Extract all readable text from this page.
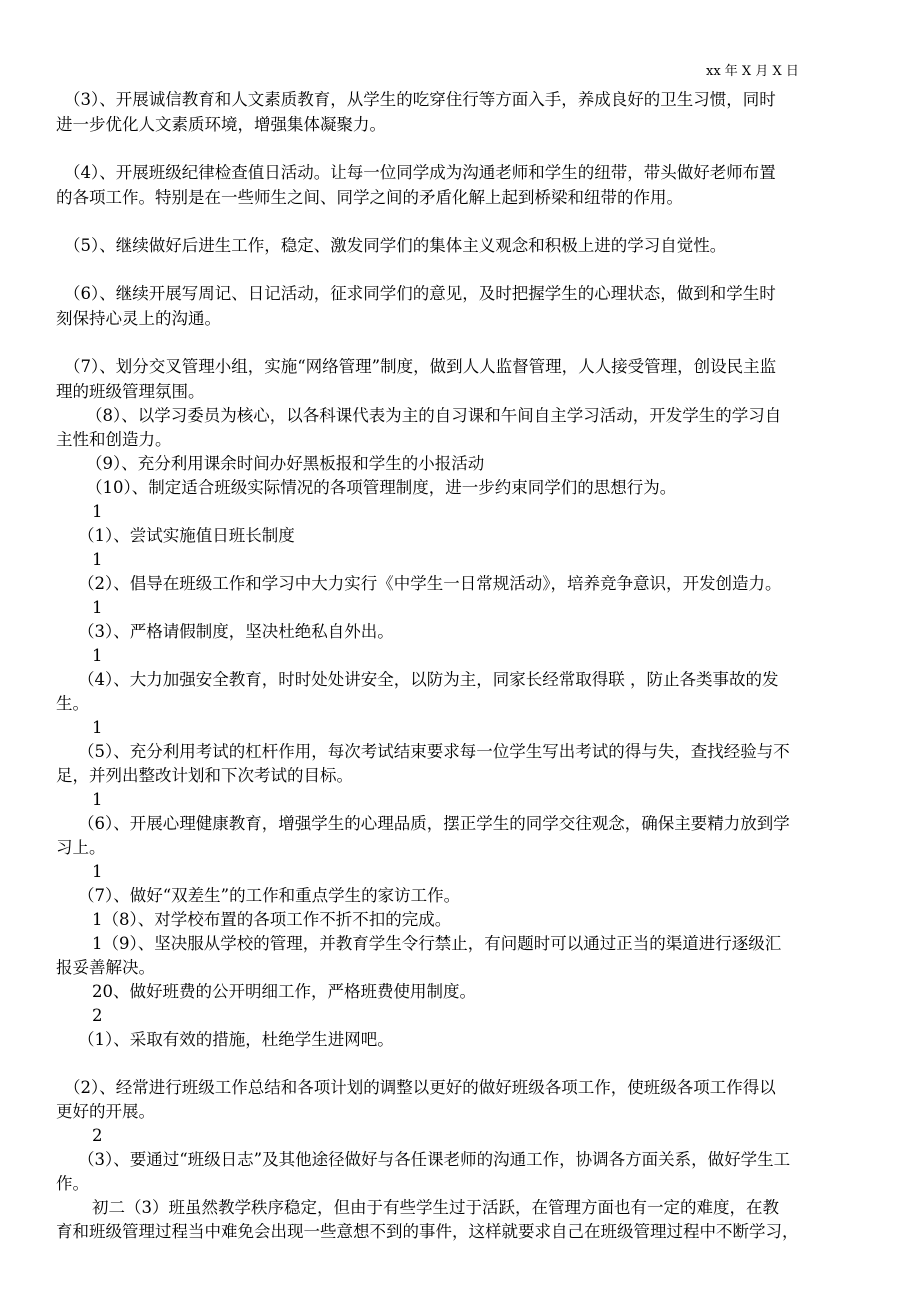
xx 年 X 月 X 日
（3）、开展诚信教育和人文素质教育，从学生的吃穿住行等方面入手，养成良好的卫生习惯，同时
进一步优化人文素质环境，增强集体凝聚力。
（4）、开展班级纪律检查值日活动。让每一位同学成为沟通老师和学生的纽带，带头做好老师布置
的各项工作。特别是在一些师生之间、同学之间的矛盾化解上起到桥梁和纽带的作用。
（5）、继续做好后进生工作，稳定、激发同学们的集体主义观念和积极上进的学习自觉性。
（6）、继续开展写周记、日记活动，征求同学们的意见，及时把握学生的心理状态，做到和学生时
刻保持心灵上的沟通。
（7）、划分交叉管理小组，实施“网络管理”制度，做到人人监督管理，人人接受管理，创设民主监
理的班级管理氛围。
（8）、以学习委员为核心，以各科课代表为主的自习课和午间自主学习活动，开发学生的学习自
主性和创造力。
（9）、充分利用课余时间办好黑板报和学生的小报活动
（10）、制定适合班级实际情况的各项管理制度，进一步约束同学们的思想行为。
1
（1）、尝试实施值日班长制度
1
（2）、倡导在班级工作和学习中大力实行《中学生一日常规活动》，培养竞争意识，开发创造力。
1
（3）、严格请假制度，坚决杜绝私自外出。
1
（4）、大力加强安全教育，时时处处讲安全，以防为主，同家长经常取得联 ，防止各类事故的发
生。
1
（5）、充分利用考试的杠杆作用，每次考试结束要求每一位学生写出考试的得与失，查找经验与不
足，并列出整改计划和下次考试的目标。
1
（6）、开展心理健康教育，增强学生的心理品质，摆正学生的同学交往观念，确保主要精力放到学
习上。
1
（7）、做好“双差生”的工作和重点学生的家访工作。
1（8）、对学校布置的各项工作不折不扣的完成。
1（9）、坚决服从学校的管理，并教育学生令行禁止，有问题时可以通过正当的渠道进行逐级汇
报妥善解决。
20、做好班费的公开明细工作，严格班费使用制度。
2
（1）、采取有效的措施，杜绝学生进网吧。
（2）、经常进行班级工作总结和各项计划的调整以更好的做好班级各项工作，使班级各项工作得以
更好的开展。
2
（3）、要通过“班级日志”及其他途径做好与各任课老师的沟通工作，协调各方面关系，做好学生工
作。
初二（3）班虽然教学秩序稳定，但由于有些学生过于活跃，在管理方面也有一定的难度，在教
育和班级管理过程当中难免会出现一些意想不到的事件，这样就要求自己在班级管理过程中不断学习，
